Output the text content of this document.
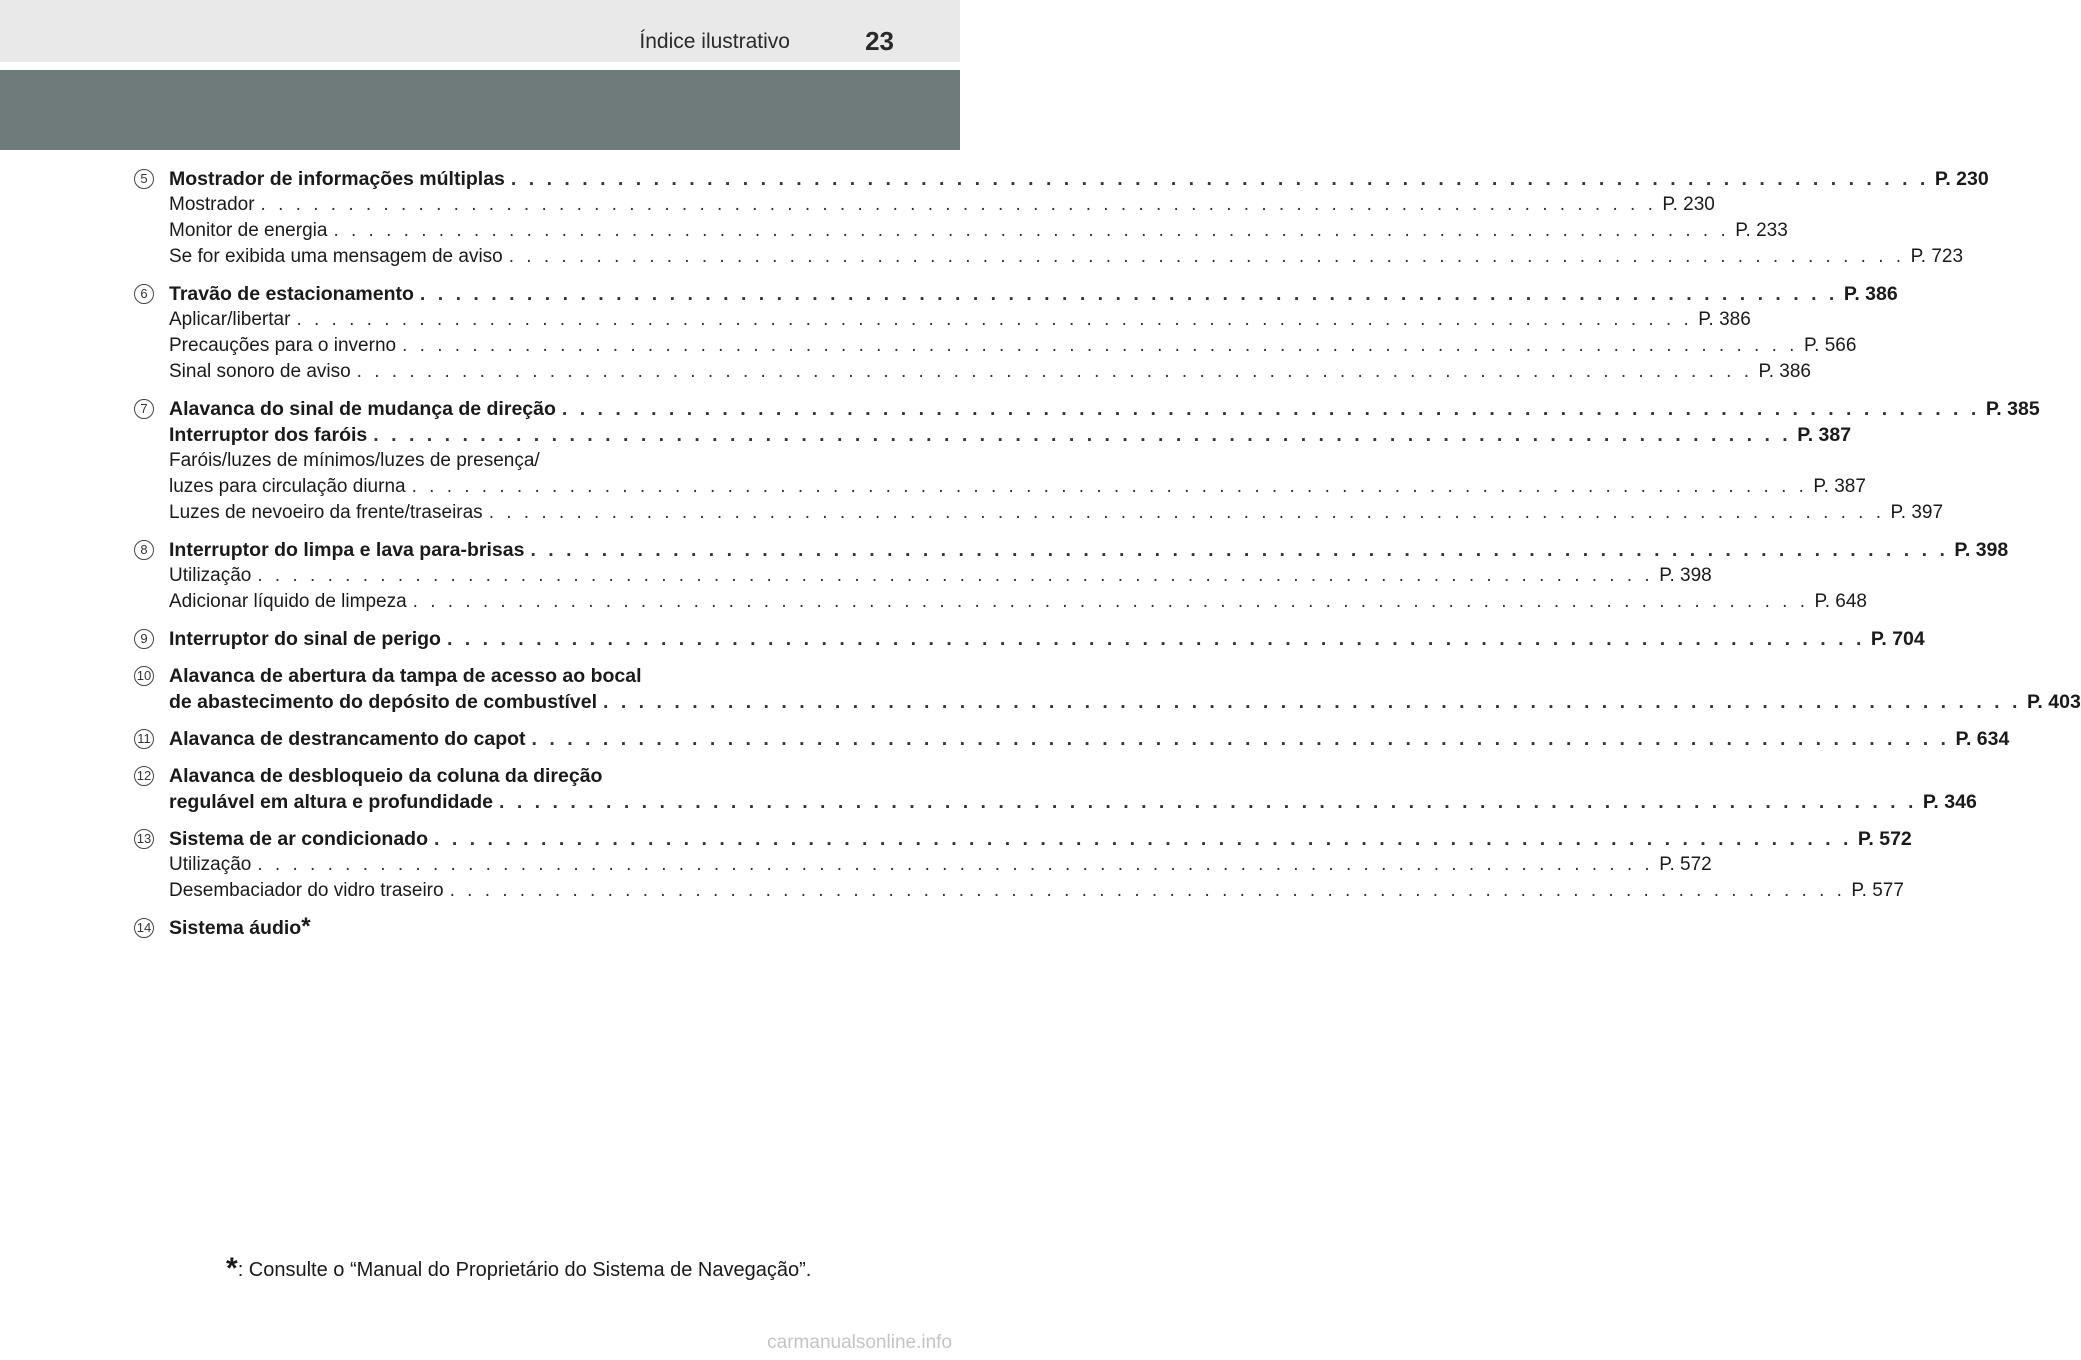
Índice ilustrativo	23
5	Mostrador de informações múltiplas . . . . . . . . . . . . . . . . . . . . . . . . . . . . . . . . . . . . . . . . . . . . . . . . . . . . . . . . . . . . . . . . . . . . . . . . . . . . . . . . P. 230
Mostrador . . . . . . . . . . . . . . . . . . . . . . . . . . . . . . . . . . . . . . . . . . . . . . . . . . . . . . . . . . . . . . . . . . . . . . . . . . . . . . . . P. 230
Monitor de energia . . . . . . . . . . . . . . . . . . . . . . . . . . . . . . . . . . . . . . . . . . . . . . . . . . . . . . . . . . . . . . . . . . . . . . . . . . . . . . . . P. 233
Se for exibida uma mensagem de aviso . . . . . . . . . . . . . . . . . . . . . . . . . . . . . . . . . . . . . . . . . . . . . . . . . . . . . . . . . . . . . . . . . . . . . . . . . . . . . . . . P. 723
6	Travão de estacionamento . . . . . . . . . . . . . . . . . . . . . . . . . . . . . . . . . . . . . . . . . . . . . . . . . . . . . . . . . . . . . . . . . . . . . . . . . . . . . . . . P. 386
Aplicar/libertar . . . . . . . . . . . . . . . . . . . . . . . . . . . . . . . . . . . . . . . . . . . . . . . . . . . . . . . . . . . . . . . . . . . . . . . . . . . . . . . . P. 386
Precauções para o inverno . . . . . . . . . . . . . . . . . . . . . . . . . . . . . . . . . . . . . . . . . . . . . . . . . . . . . . . . . . . . . . . . . . . . . . . . . . . . . . . . P. 566
Sinal sonoro de aviso . . . . . . . . . . . . . . . . . . . . . . . . . . . . . . . . . . . . . . . . . . . . . . . . . . . . . . . . . . . . . . . . . . . . . . . . . . . . . . . . P. 386
7	Alavanca do sinal de mudança de direção . . . . . . . . . . . . . . . . . . . . . . . . . . . . . . . . . . . . . . . . . . . . . . . . . . . . . . . . . . . . . . . . . . . . . . . . . . . . . . . . P. 385
Interruptor dos faróis . . . . . . . . . . . . . . . . . . . . . . . . . . . . . . . . . . . . . . . . . . . . . . . . . . . . . . . . . . . . . . . . . . . . . . . . . . . . . . . . P. 387
Faróis/luzes de mínimos/luzes de presença/
luzes para circulação diurna . . . . . . . . . . . . . . . . . . . . . . . . . . . . . . . . . . . . . . . . . . . . . . . . . . . . . . . . . . . . . . . . . . . . . . . . . . . . . . . . P. 387
Luzes de nevoeiro da frente/traseiras . . . . . . . . . . . . . . . . . . . . . . . . . . . . . . . . . . . . . . . . . . . . . . . . . . . . . . . . . . . . . . . . . . . . . . . . . . . . . . . . P. 397
8	Interruptor do limpa e lava para-brisas . . . . . . . . . . . . . . . . . . . . . . . . . . . . . . . . . . . . . . . . . . . . . . . . . . . . . . . . . . . . . . . . . . . . . . . . . . . . . . . . P. 398
Utilização . . . . . . . . . . . . . . . . . . . . . . . . . . . . . . . . . . . . . . . . . . . . . . . . . . . . . . . . . . . . . . . . . . . . . . . . . . . . . . . . P. 398
Adicionar líquido de limpeza . . . . . . . . . . . . . . . . . . . . . . . . . . . . . . . . . . . . . . . . . . . . . . . . . . . . . . . . . . . . . . . . . . . . . . . . . . . . . . . . P. 648
9	Interruptor do sinal de perigo . . . . . . . . . . . . . . . . . . . . . . . . . . . . . . . . . . . . . . . . . . . . . . . . . . . . . . . . . . . . . . . . . . . . . . . . . . . . . . . . P. 704
10 Alavanca de abertura da tampa de acesso ao bocal
de abastecimento do depósito de combustível . . . . . . . . . . . . . . . . . . . . . . . . . . . . . . . . . . . . . . . . . . . . . . . . . . . . . . . . . . . . . . . . . . . . . . . . . . . . . . . . P. 403
11 Alavanca de destrancamento do capot . . . . . . . . . . . . . . . . . . . . . . . . . . . . . . . . . . . . . . . . . . . . . . . . . . . . . . . . . . . . . . . . . . . . . . . . . . . . . . . . P. 634
12 Alavanca de desbloqueio da coluna da direção
regulável em altura e profundidade . . . . . . . . . . . . . . . . . . . . . . . . . . . . . . . . . . . . . . . . . . . . . . . . . . . . . . . . . . . . . . . . . . . . . . . . . . . . . . . . P. 346
13 Sistema de ar condicionado . . . . . . . . . . . . . . . . . . . . . . . . . . . . . . . . . . . . . . . . . . . . . . . . . . . . . . . . . . . . . . . . . . . . . . . . . . . . . . . . P. 572
Utilização . . . . . . . . . . . . . . . . . . . . . . . . . . . . . . . . . . . . . . . . . . . . . . . . . . . . . . . . . . . . . . . . . . . . . . . . . . . . . . . . P. 572
Desembaciador do vidro traseiro . . . . . . . . . . . . . . . . . . . . . . . . . . . . . . . . . . . . . . . . . . . . . . . . . . . . . . . . . . . . . . . . . . . . . . . . . . . . . . . . P. 577
14 Sistema áudio *
*: Consulte o “Manual do Proprietário do Sistema de Navegação”.
carmanualsonline.info
